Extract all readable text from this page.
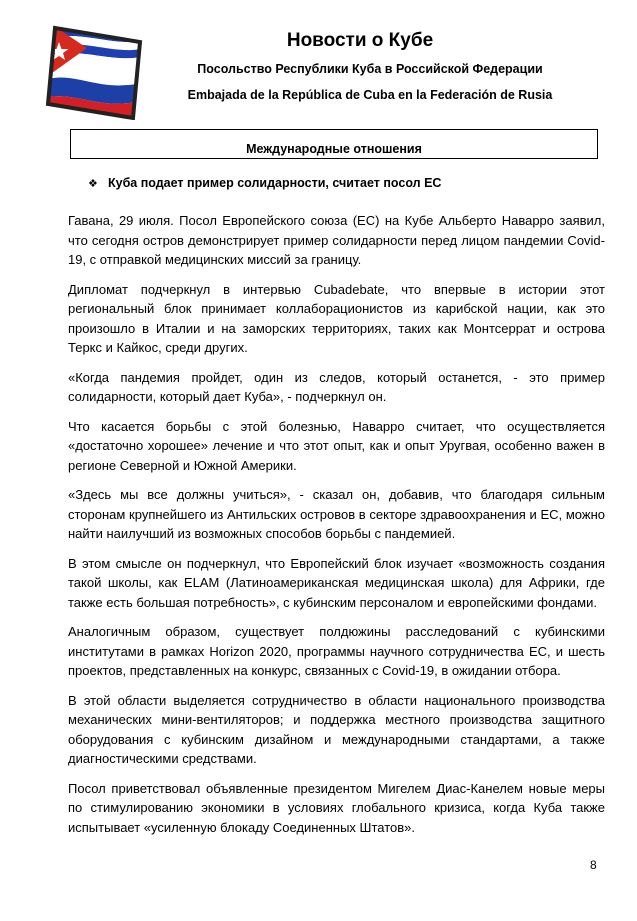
Новости о Кубе
Посольство Республики Куба в Российской Федерации
Embajada de la República de Cuba en la Federación de Rusia
Международные отношения
❖ Куба подает пример солидарности, считает посол ЕС

Гавана, 29 июля. Посол Европейского союза (ЕС) на Кубе Альберто Наварро заявил, что сегодня остров демонстрирует пример солидарности перед лицом пандемии Covid-19, с отправкой медицинских миссий за границу.

Дипломат подчеркнул в интервью Cubadebate, что впервые в истории этот региональный блок принимает коллаборационистов из карибской нации, как это произошло в Италии и на заморских территориях, таких как Монтсеррат и острова Теркс и Кайкос, среди других.

«Когда пандемия пройдет, один из следов, который останется, - это пример солидарности, который дает Куба», - подчеркнул он.

Что касается борьбы с этой болезнью, Наварро считает, что осуществляется «достаточно хорошее» лечение и что этот опыт, как и опыт Уругвая, особенно важен в регионе Северной и Южной Америки.

«Здесь мы все должны учиться», - сказал он, добавив, что благодаря сильным сторонам крупнейшего из Антильских островов в секторе здравоохранения и ЕС, можно найти наилучший из возможных способов борьбы с пандемией.

В этом смысле он подчеркнул, что Европейский блок изучает «возможность создания такой школы, как ELAM (Латиноамериканская медицинская школа) для Африки, где также есть большая потребность», с кубинским персоналом и европейскими фондами.

Аналогичным образом, существует полдюжины расследований с кубинскими институтами в рамках Horizon 2020, программы научного сотрудничества ЕС, и шесть проектов, представленных на конкурс, связанных с Covid-19, в ожидании отбора.

В этой области выделяется сотрудничество в области национального производства механических мини-вентиляторов; и поддержка местного производства защитного оборудования с кубинским дизайном и международными стандартами, а также диагностическими средствами.

Посол приветствовал объявленные президентом Мигелем Диас-Канелем новые меры по стимулированию экономики в условиях глобального кризиса, когда Куба также испытывает «усиленную блокаду Соединенных Штатов».

8
